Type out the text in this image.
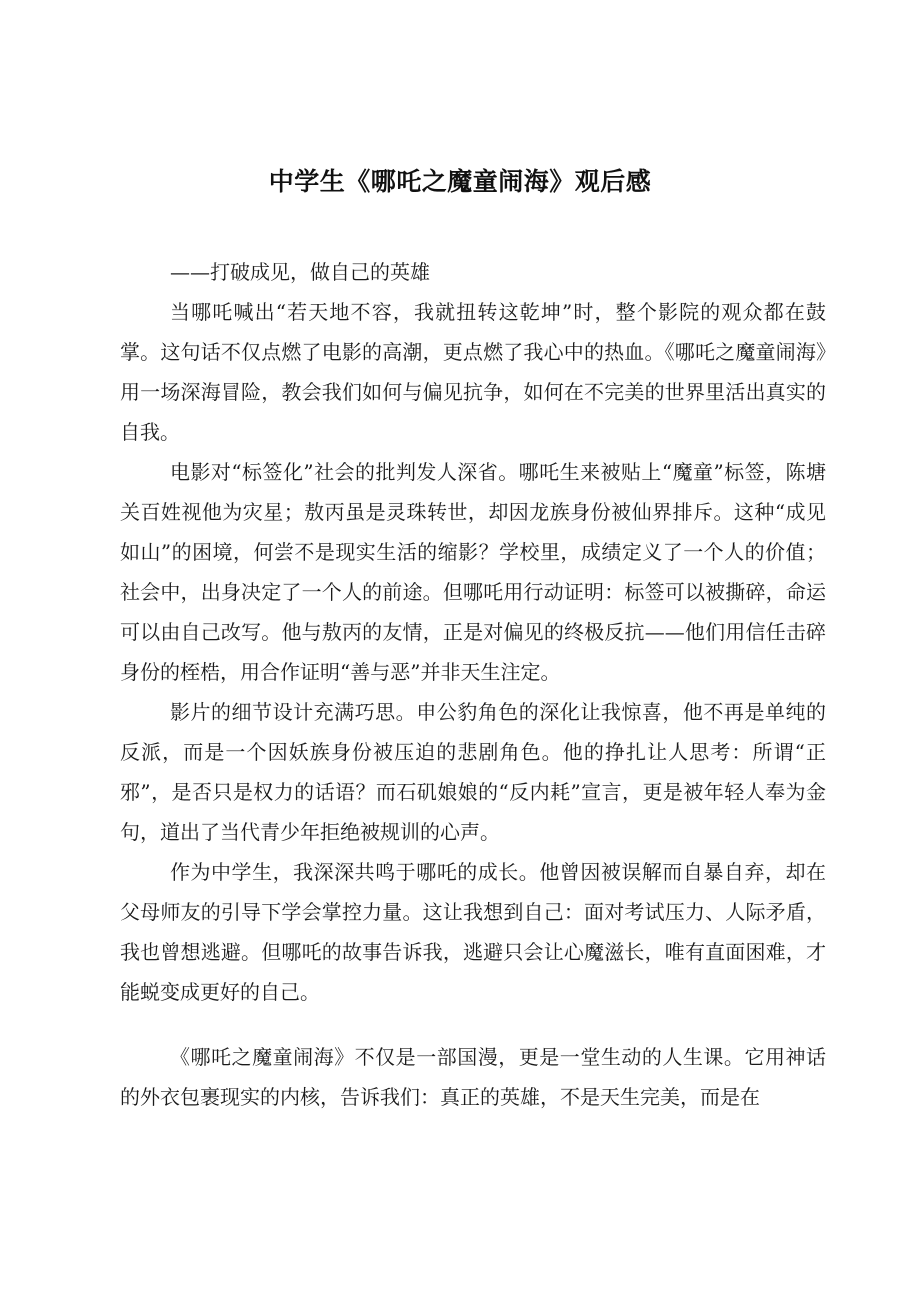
中学生《哪吒之魔童闹海》观后感

——打破成见，做自己的英雄

当哪吒喊出“若天地不容，我就扭转这乾坤”时，整个影院的观众都在鼓掌。这句话不仅点燃了电影的高潮，更点燃了我心中的热血。《哪吒之魔童闹海》用一场深海冒险，教会我们如何与偏见抗争，如何在不完美的世界里活出真实的自我。

电影对“标签化”社会的批判发人深省。哪吒生来被贴上“魔童”标签，陈塘关百姓视他为灾星；敖丙虽是灵珠转世，却因龙族身份被仙界排斥。这种“成见如山”的困境，何尝不是现实生活的缩影？学校里，成绩定义了一个人的价值；社会中，出身决定了一个人的前途。但哪吒用行动证明：标签可以被撕碎，命运可以由自己改写。他与敖丙的友情，正是对偏见的终极反抗——他们用信任击碎身份的桎梏，用合作证明“善与恶”并非天生注定。

影片的细节设计充满巧思。申公豹角色的深化让我惊喜，他不再是单纯的反派，而是一个因妖族身份被压迫的悲剧角色。他的挣扎让人思考：所谓“正邪”，是否只是权力的话语？而石矶娘娘的“反内耗”宣言，更是被年轻人奉为金句，道出了当代青少年拒绝被规训的心声。

作为中学生，我深深共鸣于哪吒的成长。他曾因被误解而自暴自弃，却在父母师友的引导下学会掌控力量。这让我想到自己：面对考试压力、人际矛盾，我也曾想逃避。但哪吒的故事告诉我，逃避只会让心魔滋长，唯有直面困难，才能蜕变成更好的自己。

《哪吒之魔童闹海》不仅是一部国漫，更是一堂生动的人生课。它用神话的外衣包裹现实的内核，告诉我们：真正的英雄，不是天生完美，而是在
